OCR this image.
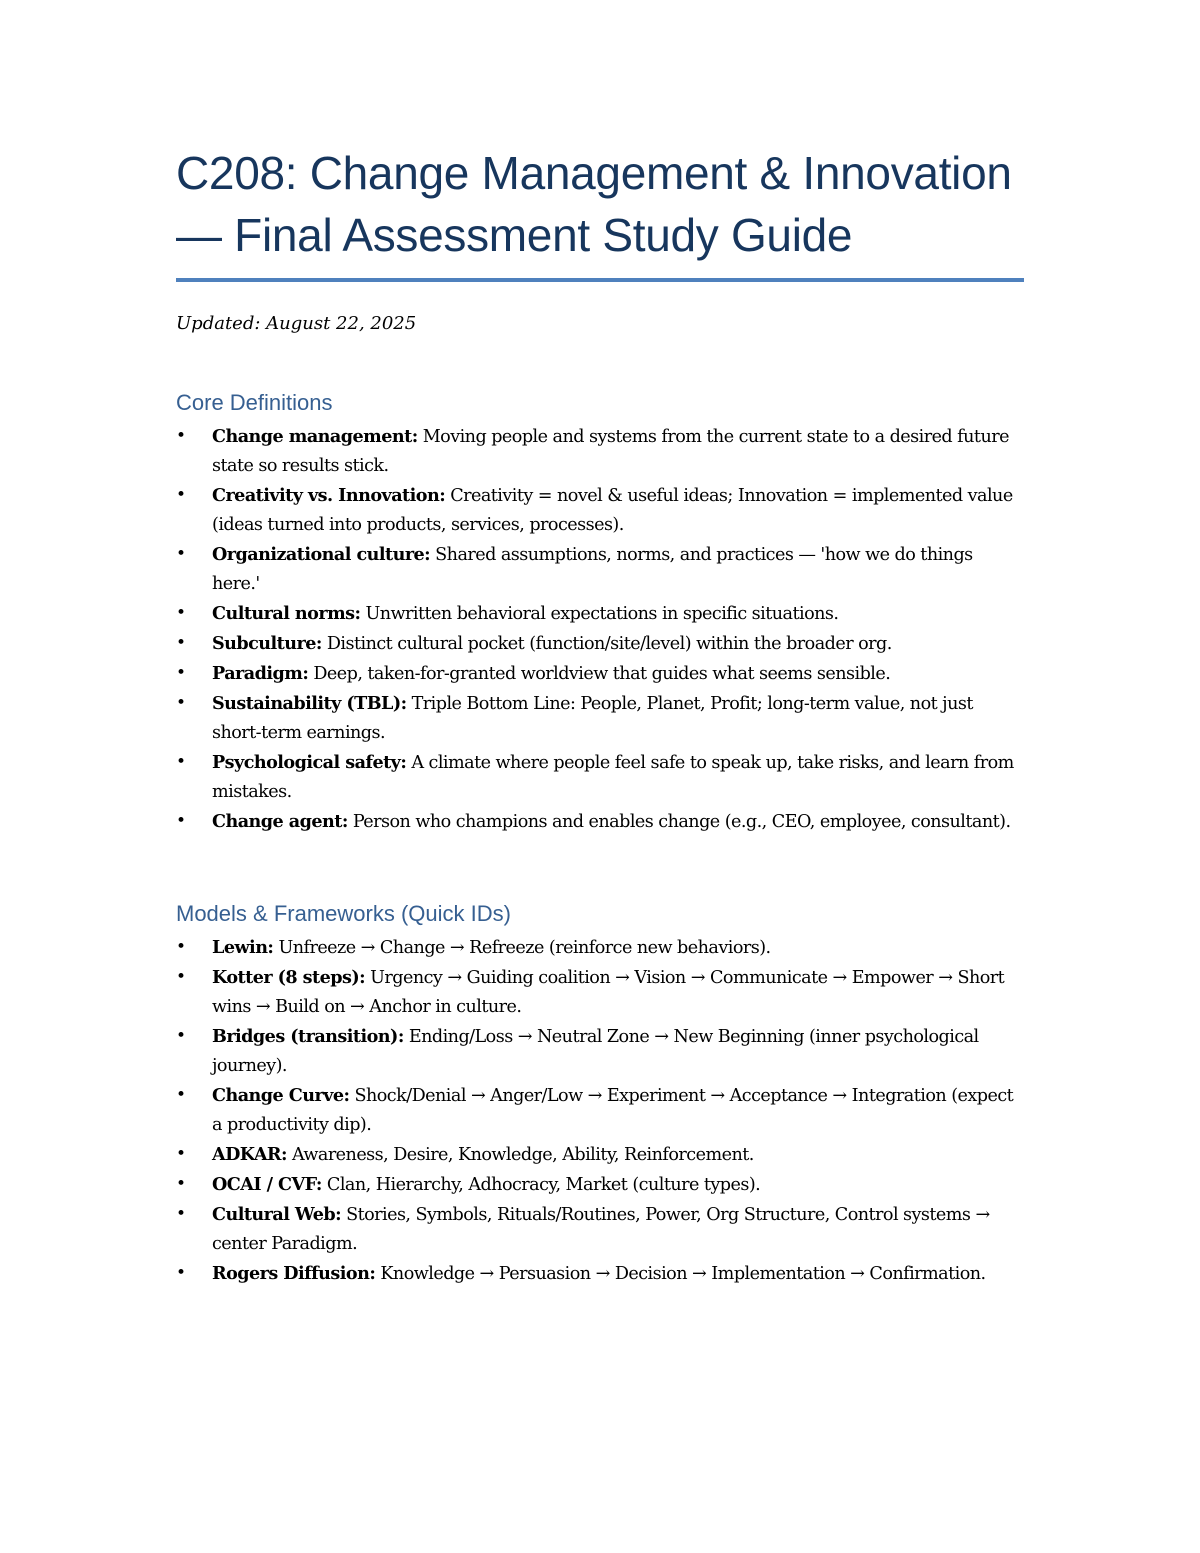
C208: Change Management & Innovation — Final Assessment Study Guide
Updated: August 22, 2025
Core Definitions
• Change management: Moving people and systems from the current state to a desired future state so results stick.
• Creativity vs. Innovation: Creativity = novel & useful ideas; Innovation = implemented value (ideas turned into products, services, processes).
• Organizational culture: Shared assumptions, norms, and practices — 'how we do things here.'
• Cultural norms: Unwritten behavioral expectations in specific situations.
• Subculture: Distinct cultural pocket (function/site/level) within the broader org.
• Paradigm: Deep, taken-for-granted worldview that guides what seems sensible.
• Sustainability (TBL): Triple Bottom Line: People, Planet, Profit; long-term value, not just short-term earnings.
• Psychological safety: A climate where people feel safe to speak up, take risks, and learn from mistakes.
• Change agent: Person who champions and enables change (e.g., CEO, employee, consultant).
Models & Frameworks (Quick IDs)
• Lewin: Unfreeze → Change → Refreeze (reinforce new behaviors).
• Kotter (8 steps): Urgency → Guiding coalition → Vision → Communicate → Empower → Short wins → Build on → Anchor in culture.
• Bridges (transition): Ending/Loss → Neutral Zone → New Beginning (inner psychological journey).
• Change Curve: Shock/Denial → Anger/Low → Experiment → Acceptance → Integration (expect a productivity dip).
• ADKAR: Awareness, Desire, Knowledge, Ability, Reinforcement.
• OCAI / CVF: Clan, Hierarchy, Adhocracy, Market (culture types).
• Cultural Web: Stories, Symbols, Rituals/Routines, Power, Org Structure, Control systems → center Paradigm.
• Rogers Diffusion: Knowledge → Persuasion → Decision → Implementation → Confirmation.
